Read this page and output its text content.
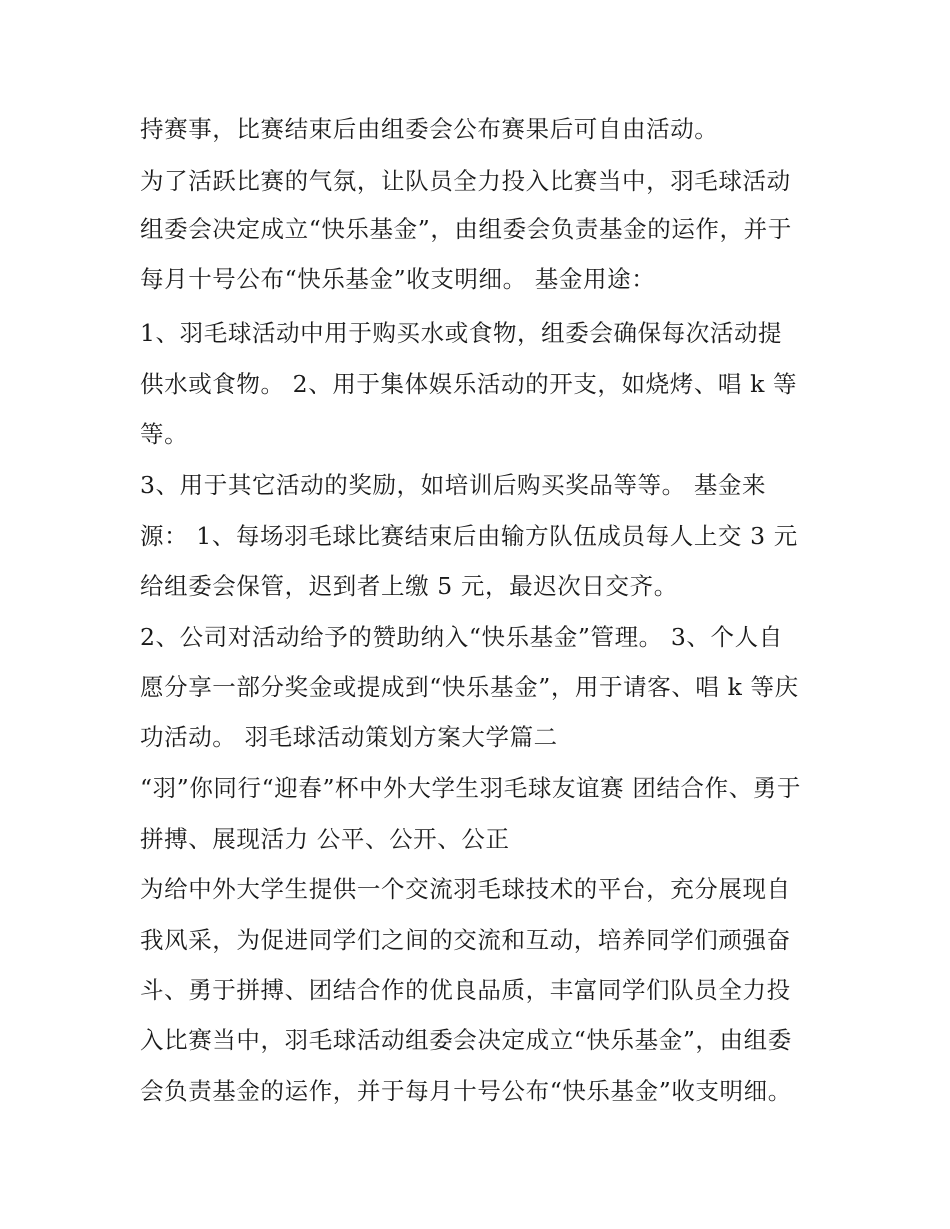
持赛事，比赛结束后由组委会公布赛果后可自由活动。
为了活跃比赛的气氛，让队员全力投入比赛当中，羽毛球活动
组委会决定成立“快乐基金”，由组委会负责基金的运作，并于
每月十号公布“快乐基金”收支明细。 基金用途：
1、羽毛球活动中用于购买水或食物，组委会确保每次活动提
供水或食物。 2、用于集体娱乐活动的开支，如烧烤、唱 k 等
等。
3、用于其它活动的奖励，如培训后购买奖品等等。 基金来
源： 1、每场羽毛球比赛结束后由输方队伍成员每人上交 3 元
给组委会保管，迟到者上缴 5 元，最迟次日交齐。
2、公司对活动给予的赞助纳入“快乐基金”管理。 3、个人自
愿分享一部分奖金或提成到“快乐基金”，用于请客、唱 k 等庆
功活动。 羽毛球活动策划方案大学篇二
“羽”你同行“迎春”杯中外大学生羽毛球友谊赛 团结合作、勇于
拼搏、展现活力 公平、公开、公正
为给中外大学生提供一个交流羽毛球技术的平台，充分展现自
我风采，为促进同学们之间的交流和互动，培养同学们顽强奋
斗、勇于拼搏、团结合作的优良品质，丰富同学们队员全力投
入比赛当中，羽毛球活动组委会决定成立“快乐基金”，由组委
会负责基金的运作，并于每月十号公布“快乐基金”收支明细。
